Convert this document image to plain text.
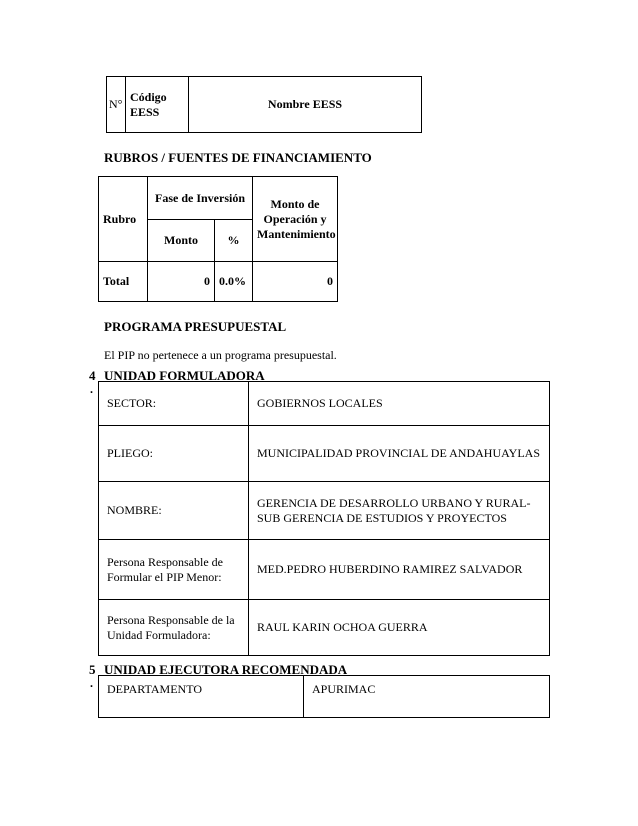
N°	Código EESS	Nombre EESS
RUBROS / FUENTES DE FINANCIAMIENTO
Rubro	Fase de Inversión		Monto de Operación y Mantenimiento
	Monto	%	
Total	0	0.0%	0
PROGRAMA PRESUPUESTAL
El PIP no pertenece a un programa presupuestal.
4
.
UNIDAD FORMULADORA
SECTOR:	GOBIERNOS LOCALES
PLIEGO:	MUNICIPALIDAD PROVINCIAL DE ANDAHUAYLAS
NOMBRE:	GERENCIA DE DESARROLLO URBANO Y RURAL-SUB GERENCIA DE ESTUDIOS Y PROYECTOS
Persona Responsable de Formular el PIP Menor:	MED.PEDRO HUBERDINO RAMIREZ SALVADOR
Persona Responsable de la Unidad Formuladora:	RAUL KARIN OCHOA GUERRA
5
.
UNIDAD EJECUTORA RECOMENDADA
DEPARTAMENTO	APURIMAC
